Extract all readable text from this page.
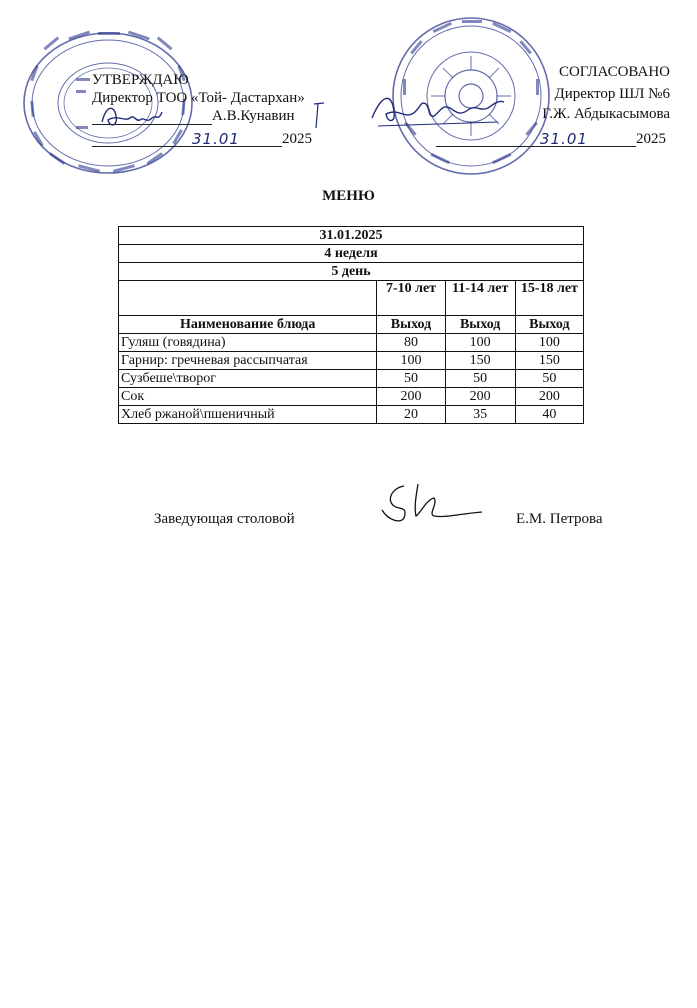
УТВЕРЖДАЮ
Директор ТОО «Той- Дастархан»
А.В.Кунавин
31.01	2025
СОГЛАСОВАНО
Директор ШЛ №6
Г.Ж. Абдыкасымова
31.01	2025
МЕНЮ
31.01.2025			
4 неделя			
5 день			
	7-10 лет	11-14 лет	15-18 лет
Наименование блюда	Выход	Выход	Выход
Гуляш (говядина)	80	100	100
Гарнир: гречневая рассыпчатая	100	150	150
Сузбеше\творог	50	50	50
Сок	200	200	200
Хлеб ржаной\пшеничный	20	35	40
Заведующая столовой	Е.М. Петрова
